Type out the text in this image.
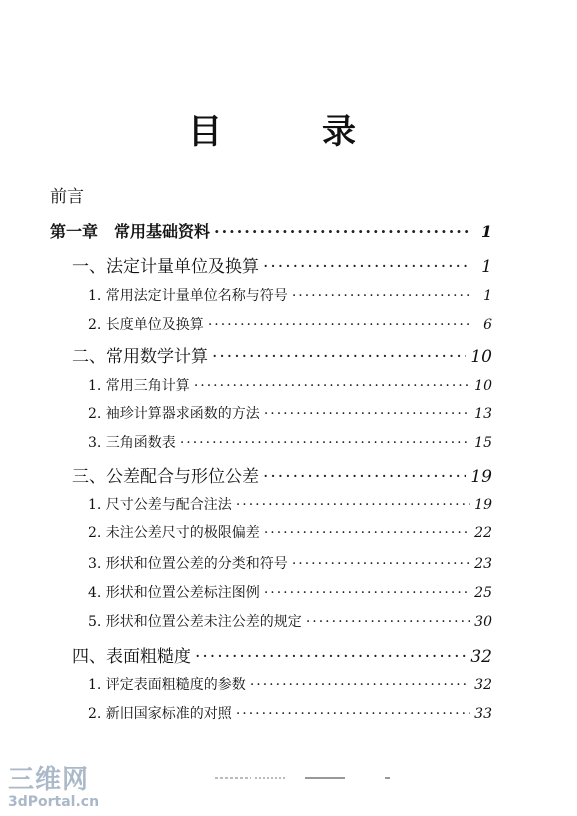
目	录
前言
第一章　常用基础资料 ·····	1
一、法定计量单位及换算 ·····	1
1. 常用法定计量单位名称与符号 ·····	1
2. 长度单位及换算 ·····	6
二、常用数学计算 ·····	10
1. 常用三角计算 ·····	10
2. 袖珍计算器求函数的方法 ·····	13
3. 三角函数表 ·····	15
三、公差配合与形位公差 ·····	19
1. 尺寸公差与配合注法 ·····	19
2. 未注公差尺寸的极限偏差 ·····	22
3. 形状和位置公差的分类和符号 ·····	23
4. 形状和位置公差标注图例 ·····	25
5. 形状和位置公差未注公差的规定 ·····	30
四、表面粗糙度 ·····	32
1. 评定表面粗糙度的参数 ·····	32
2. 新旧国家标准的对照 ·····	33
三维网
3dPortal.cn
